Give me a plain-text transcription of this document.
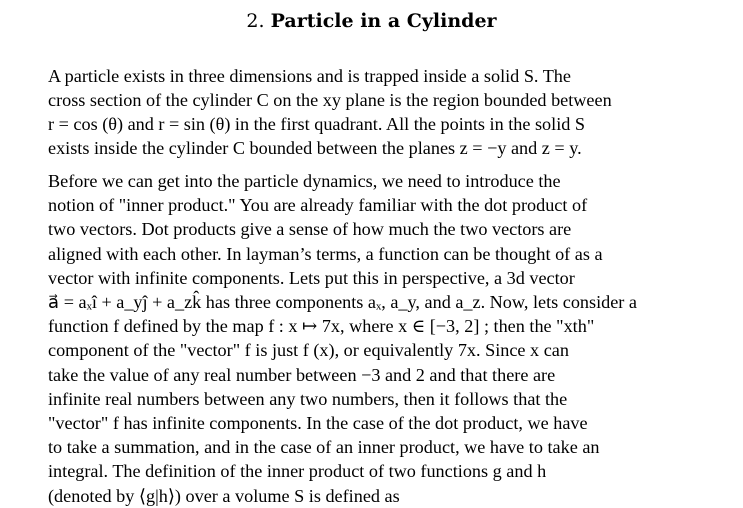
2. Particle in a Cylinder

A particle exists in three dimensions and is trapped inside a solid S. The
cross section of the cylinder C on the xy plane is the region bounded between
r = cos (θ) and r = sin (θ) in the first quadrant. All the points in the solid S
exists inside the cylinder C bounded between the planes z = −y and z = y.

Before we can get into the particle dynamics, we need to introduce the
notion of "inner product." You are already familiar with the dot product of
two vectors. Dot products give a sense of how much the two vectors are
aligned with each other. In layman’s terms, a function can be thought of as a
vector with infinite components. Lets put this in perspective, a 3d vector
a⃗ = aₓî + a_yĵ + a_zk̂ has three components aₓ, a_y, and a_z. Now, lets consider a
function f defined by the map f : x ↦ 7x, where x ∈ [−3, 2] ; then the "xth"
component of the "vector" f is just f (x), or equivalently 7x. Since x can
take the value of any real number between −3 and 2 and that there are
infinite real numbers between any two numbers, then it follows that the
"vector" f has infinite components. In the case of the dot product, we have
to take a summation, and in the case of an inner product, we have to take an
integral. The definition of the inner product of two functions g and h
(denoted by ⟨g|h⟩) over a volume S is defined as
